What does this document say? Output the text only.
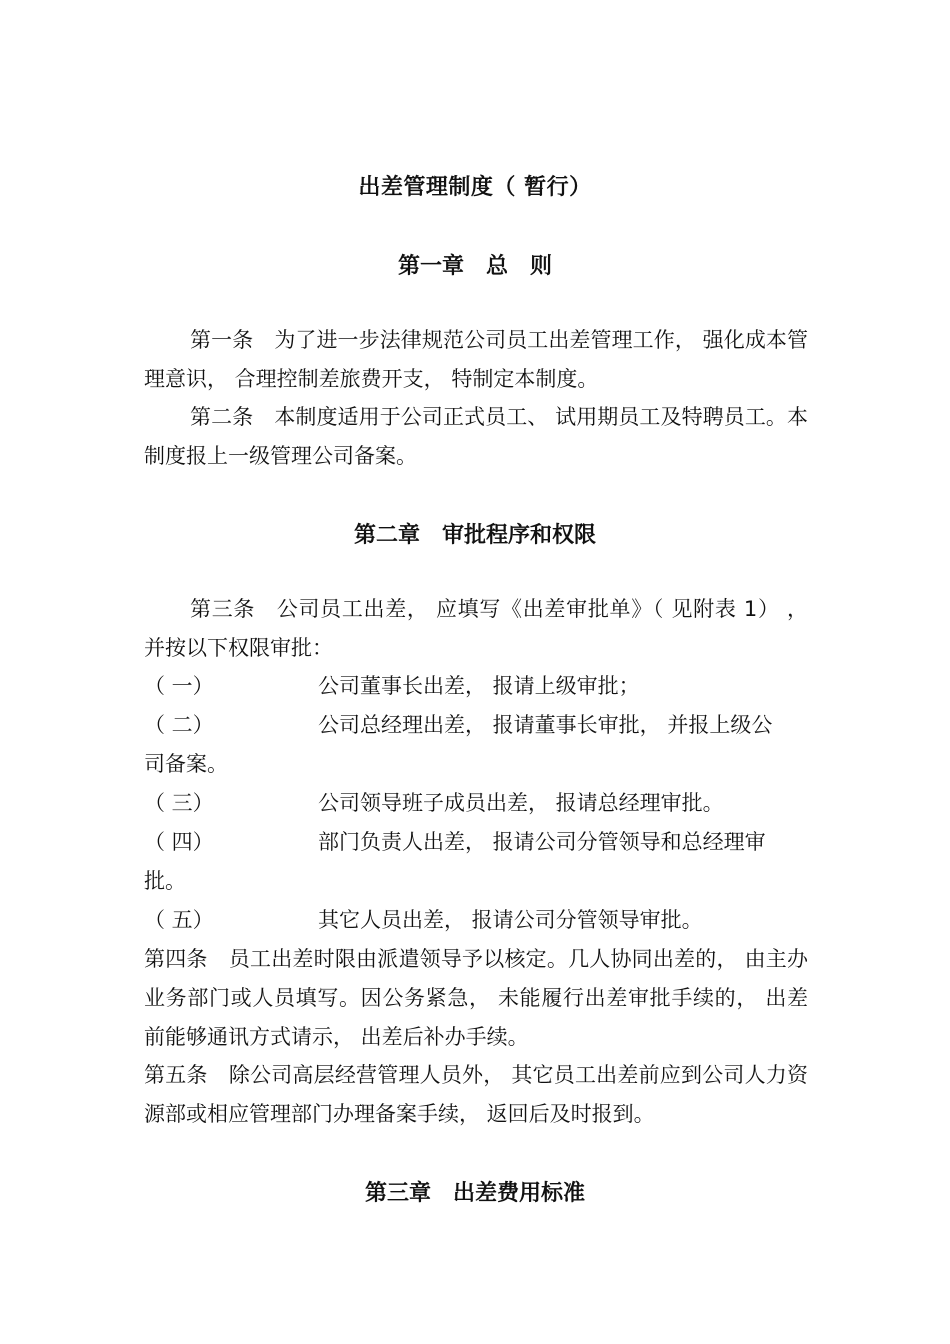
出差管理制度（ 暂行）
第一章　总　则
第一条　为了进一步法律规范公司员工出差管理工作， 强化成本管理意识， 合理控制差旅费开支， 特制定本制度。
第二条　本制度适用于公司正式员工、 试用期员工及特聘员工。本制度报上一级管理公司备案。
第二章　审批程序和权限
第三条　公司员工出差， 应填写《出差审批单》（ 见附表 1） ， 并按以下权限审批：
（ 一）	公司董事长出差， 报请上级审批；
（ 二）	公司总经理出差， 报请董事长审批， 并报上级公
司备案。
（ 三）	公司领导班子成员出差， 报请总经理审批。
（ 四）	部门负责人出差， 报请公司分管领导和总经理审
批。
（ 五）	其它人员出差， 报请公司分管领导审批。
第四条　员工出差时限由派遣领导予以核定。几人协同出差的， 由主办业务部门或人员填写。因公务紧急， 未能履行出差审批手续的， 出差前能够通讯方式请示， 出差后补办手续。
第五条　除公司高层经营管理人员外， 其它员工出差前应到公司人力资源部或相应管理部门办理备案手续， 返回后及时报到。
第三章　出差费用标准
